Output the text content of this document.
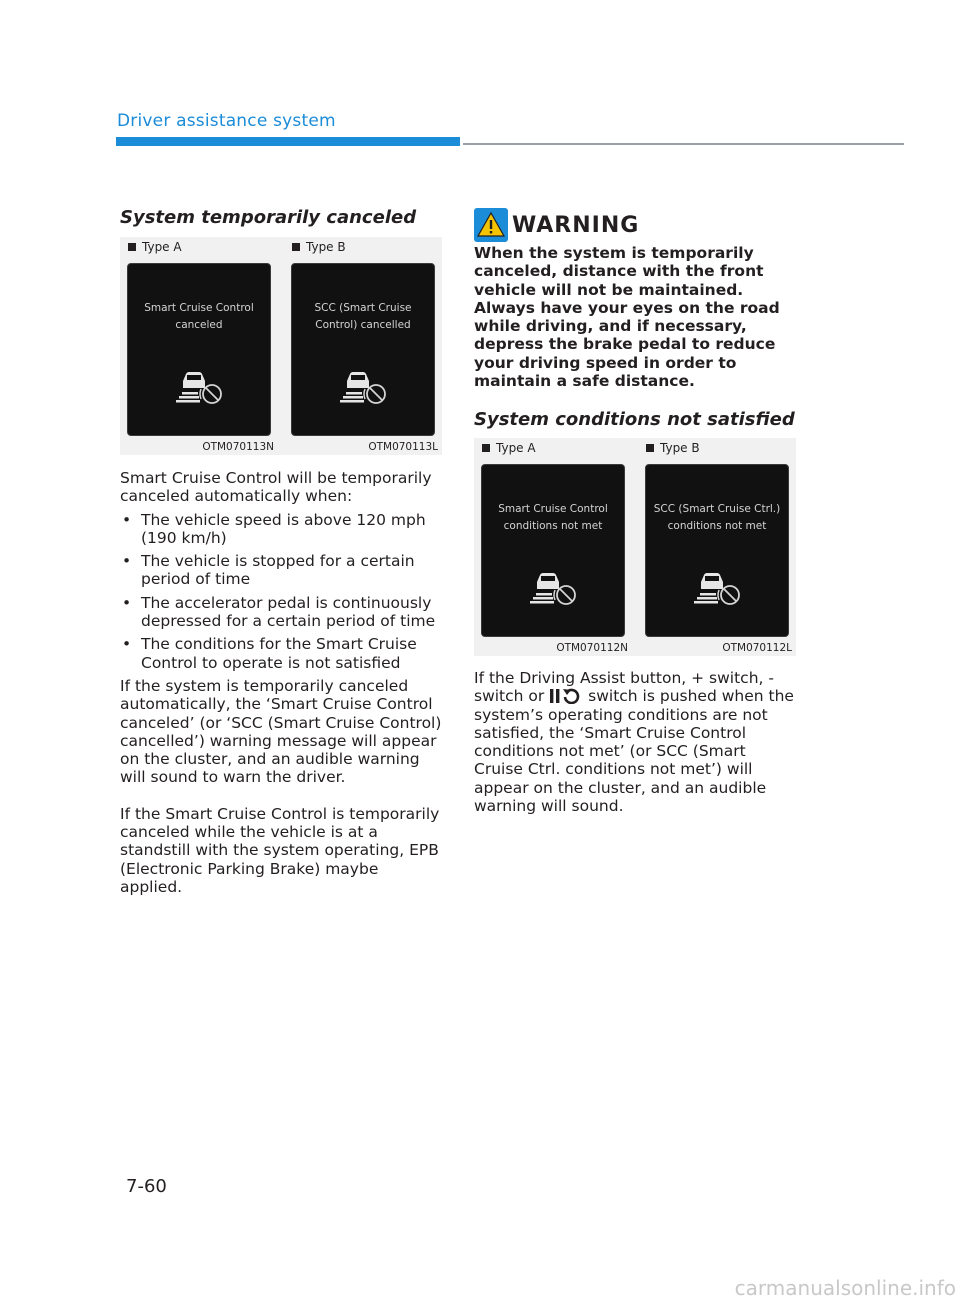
Driver assistance system
System temporarily canceled
Type A
Smart Cruise Control canceled
OTM070113N
Type B
SCC (Smart Cruise Control) cancelled
OTM070113L

Smart Cruise Control will be temporarily canceled automatically when:

• The vehicle speed is above 120 mph (190 km/h)
• The vehicle is stopped for a certain period of time
• The accelerator pedal is continuously depressed for a certain period of time
• The conditions for the Smart Cruise Control to operate is not satisfied

If the system is temporarily canceled automatically, the ‘Smart Cruise Control canceled’ (or ‘SCC (Smart Cruise Control) cancelled’) warning message will appear on the cluster, and an audible warning will sound to warn the driver.

If the Smart Cruise Control is temporarily canceled while the vehicle is at a standstill with the system operating, EPB (Electronic Parking Brake) maybe applied.

WARNING
When the system is temporarily canceled, distance with the front vehicle will not be maintained. Always have your eyes on the road while driving, and if necessary, depress the brake pedal to reduce your driving speed in order to maintain a safe distance.
System conditions not satisfied
Type A
Smart Cruise Control conditions not met
OTM070112N
Type B
SCC (Smart Cruise Ctrl.) conditions not met
OTM070112L
If the Driving Assist button, + switch, - switch or	switch is pushed when the system’s operating conditions are not satisfied, the ‘Smart Cruise Control conditions not met’ (or SCC (Smart Cruise Ctrl. conditions not met’) will appear on the cluster, and an audible warning will sound.
7-60
carmanualsonline.info
